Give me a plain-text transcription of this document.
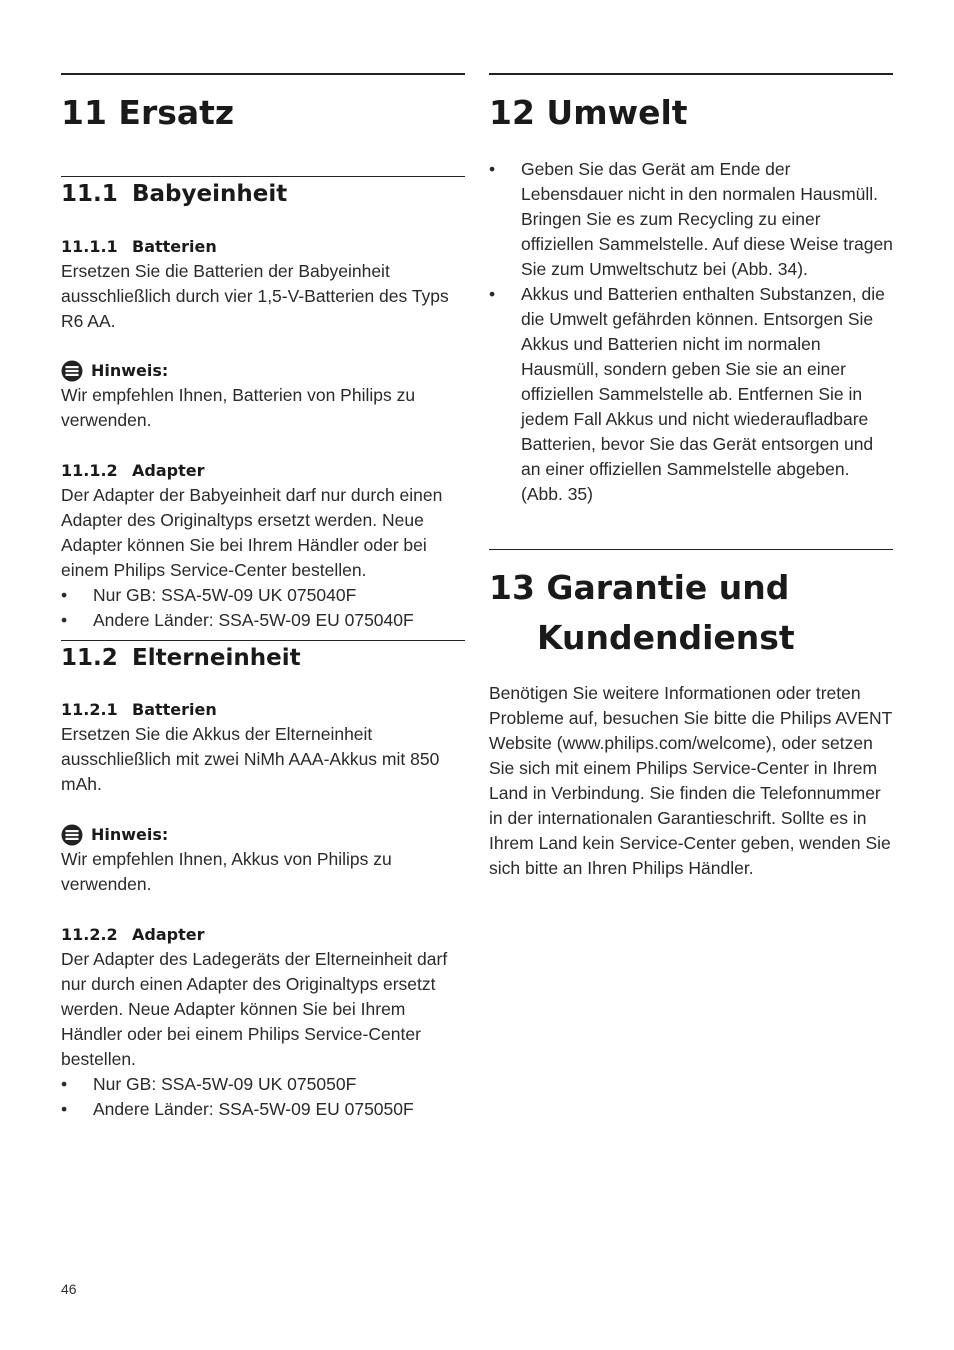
11 Ersatz
11.1 Babyeinheit
11.1.1 Batterien

Ersetzen Sie die Batterien der Babyeinheit ausschließlich durch vier 1,5-V-Batterien des Typs R6 AA.

Hinweis:

Wir empfehlen Ihnen, Batterien von Philips zu verwenden.

11.1.2 Adapter

Der Adapter der Babyeinheit darf nur durch einen Adapter des Originaltyps ersetzt werden. Neue Adapter können Sie bei Ihrem Händler oder bei einem Philips Service-Center bestellen.

• Nur GB: SSA-5W-09 UK 075040F
• Andere Länder: SSA-5W-09 EU 075040F
11.2 Elterneinheit
11.2.1 Batterien

Ersetzen Sie die Akkus der Elterneinheit ausschließlich mit zwei NiMh AAA-Akkus mit 850 mAh.

Hinweis:

Wir empfehlen Ihnen, Akkus von Philips zu verwenden.

11.2.2 Adapter

Der Adapter des Ladegeräts der Elterneinheit darf nur durch einen Adapter des Originaltyps ersetzt werden. Neue Adapter können Sie bei Ihrem Händler oder bei einem Philips Service-Center bestellen.

• Nur GB: SSA-5W-09 UK 075050F
• Andere Länder: SSA-5W-09 EU 075050F
12 Umwelt
• Geben Sie das Gerät am Ende der Lebensdauer nicht in den normalen Hausmüll. Bringen Sie es zum Recycling zu einer offiziellen Sammelstelle. Auf diese Weise tragen Sie zum Umweltschutz bei (Abb. 34).
• Akkus und Batterien enthalten Substanzen, die die Umwelt gefährden können. Entsorgen Sie Akkus und Batterien nicht im normalen Hausmüll, sondern geben Sie sie an einer offiziellen Sammelstelle ab. Entfernen Sie in jedem Fall Akkus und nicht wiederaufladbare Batterien, bevor Sie das Gerät entsorgen und an einer offiziellen Sammelstelle abgeben. (Abb. 35)
13 Garantie und
Kundendienst

Benötigen Sie weitere Informationen oder treten Probleme auf, besuchen Sie bitte die Philips AVENT Website (www.philips.com/welcome), oder setzen Sie sich mit einem Philips Service-Center in Ihrem Land in Verbindung. Sie finden die Telefonnummer in der internationalen Garantieschrift. Sollte es in Ihrem Land kein Service-Center geben, wenden Sie sich bitte an Ihren Philips Händler.

46
